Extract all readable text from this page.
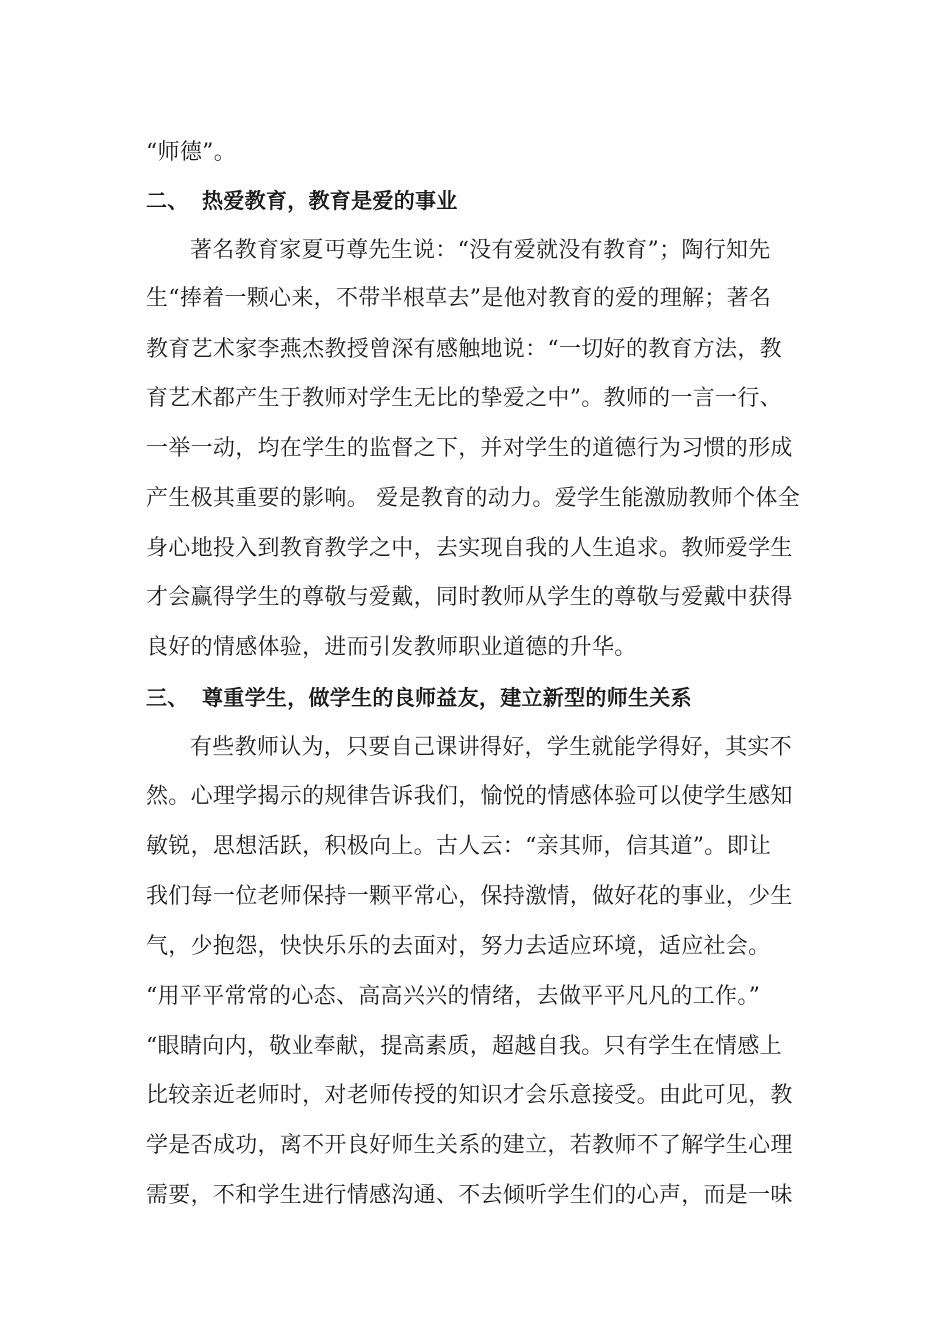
“师德”。
二、 热爱教育，教育是爱的事业
著名教育家夏丏尊先生说：“没有爱就没有教育”；陶行知先
生“捧着一颗心来，不带半根草去”是他对教育的爱的理解；著名
教育艺术家李燕杰教授曾深有感触地说：“一切好的教育方法，教
育艺术都产生于教师对学生无比的挚爱之中”。教师的一言一行、
一举一动，均在学生的监督之下，并对学生的道德行为习惯的形成
产生极其重要的影响。 爱是教育的动力。爱学生能激励教师个体全
身心地投入到教育教学之中，去实现自我的人生追求。教师爱学生
才会赢得学生的尊敬与爱戴，同时教师从学生的尊敬与爱戴中获得
良好的情感体验，进而引发教师职业道德的升华。
三、 尊重学生，做学生的良师益友，建立新型的师生关系
有些教师认为，只要自己课讲得好，学生就能学得好，其实不
然。心理学揭示的规律告诉我们，愉悦的情感体验可以使学生感知
敏锐，思想活跃，积极向上。古人云：“亲其师，信其道”。即让
我们每一位老师保持一颗平常心，保持激情，做好花的事业，少生
气，少抱怨，快快乐乐的去面对，努力去适应环境，适应社会。
“用平平常常的心态、高高兴兴的情绪，去做平平凡凡的工作。”
“眼睛向内，敬业奉献，提高素质，超越自我。只有学生在情感上
比较亲近老师时，对老师传授的知识才会乐意接受。由此可见，教
学是否成功，离不开良好师生关系的建立，若教师不了解学生心理
需要，不和学生进行情感沟通、不去倾听学生们的心声，而是一味
